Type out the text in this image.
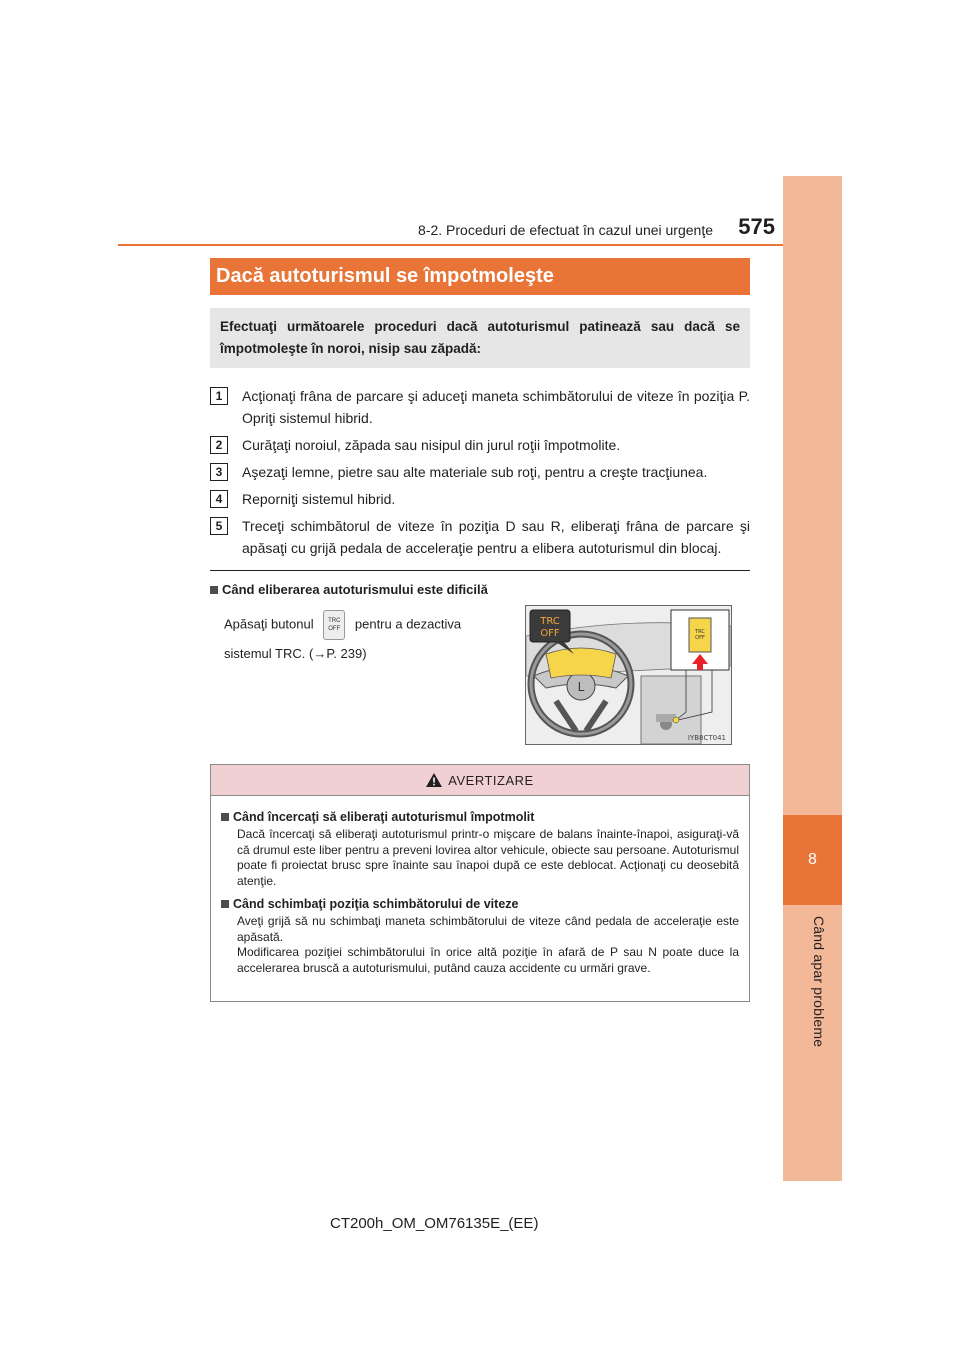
8
Când apar probleme
8-2. Proceduri de efectuat în cazul unei urgenţe 575
Dacă autoturismul se împotmoleşte
Efectuaţi următoarele proceduri dacă autoturismul patinează sau dacă se împotmoleşte în noroi, nisip sau zăpadă:
1	Acţionaţi frâna de parcare şi aduceţi maneta schimbătorului de viteze în poziţia P. Opriţi sistemul hibrid.
2	Curăţaţi noroiul, zăpada sau nisipul din jurul roţii împotmolite.
3	Aşezaţi lemne, pietre sau alte materiale sub roţi, pentru a creşte tracţiunea.
4	Reporniţi sistemul hibrid.
5	Treceţi schimbătorul de viteze în poziţia D sau R, eliberaţi frâna de parcare şi apăsaţi cu grijă pedala de acceleraţie pentru a elibera autoturismul din blocaj.
Când eliberarea autoturismului este dificilă
Apăsaţi butonul TRC
OFF pentru a dezactiva
sistemul TRC. (→P. 239)
L
TRC
OFF
TRC
OFF
IYB8CT041
AVERTIZARE
Când încercaţi să eliberaţi autoturismul împotmolit
Dacă încercaţi să eliberaţi autoturismul printr-o mişcare de balans înainte-înapoi, asiguraţi-vă că drumul este liber pentru a preveni lovirea altor vehicule, obiecte sau persoane. Autoturismul poate fi proiectat brusc spre înainte sau înapoi după ce este deblocat. Acţionaţi cu deosebită atenţie.
Când schimbaţi poziţia schimbătorului de viteze
Aveţi grijă să nu schimbaţi maneta schimbătorului de viteze când pedala de acceleraţie este apăsată.
Modificarea poziţiei schimbătorului în orice altă poziţie în afară de P sau N poate duce la accelerarea bruscă a autoturismului, putând cauza accidente cu urmări grave.
CT200h_OM_OM76135E_(EE)
